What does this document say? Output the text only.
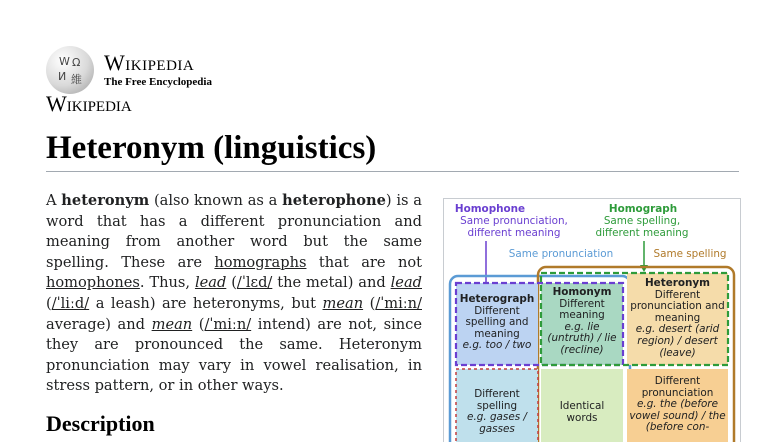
W Ω
И 維
Wikipedia
The Free Encyclopedia
Wikipedia
Heteronym (linguistics)

A heteronym (also known as a heterophone) is a word that has a different pronunciation and meaning from another word but the same spelling. These are homographs that are not homophones. Thus, lead (/ˈlɛd/ the metal) and lead (/ˈliːd/ a leash) are heteronyms, but mean (/ˈmiːn/ average) and mean (/ˈmiːn/ intend) are not, since they are pronounced the same. Heteronym pronunciation may vary in vowel realisation, in stress pattern, or in other ways.

Description
Homophone
Same pronunciation, different meaning
Homograph
Same spelling, different meaning
Same pronunciation	Same spelling
Heterograph
Different spelling and meaning
e.g. too / two
Homonym
Different meaning
e.g. lie (untruth) / lie (recline)
Heteronym
Different pronunciation and meaning
e.g. desert (arid region) / desert (leave)
Different spelling
e.g. gases / gasses
Identical words
Different pronunciation
e.g. the (before vowel sound) / the (before con-
